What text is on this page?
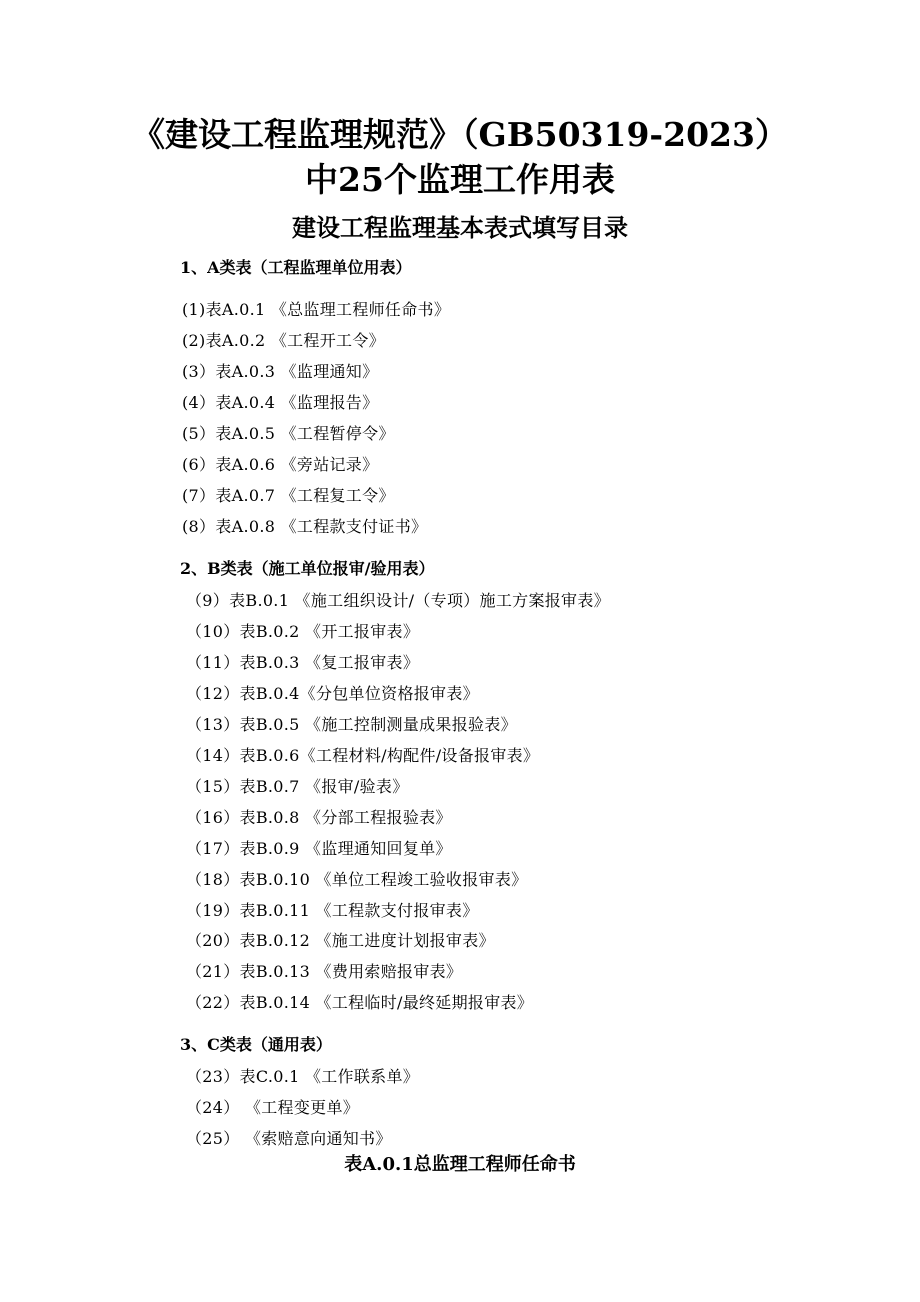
《建设工程监理规范》（GB50319-2023）
中25个监理工作用表
建设工程监理基本表式填写目录
1、A类表（工程监理单位用表）
(1)表A.0.1 《总监理工程师任命书》
(2)表A.0.2 《工程开工令》
(3）表A.0.3 《监理通知》
(4）表A.0.4 《监理报告》
(5）表A.0.5 《工程暂停令》
(6）表A.0.6 《旁站记录》
(7）表A.0.7 《工程复工令》
(8）表A.0.8 《工程款支付证书》
2、B类表（施工单位报审/验用表）
（9）表B.0.1 《施工组织设计/（专项）施工方案报审表》
（10）表B.0.2 《开工报审表》
（11）表B.0.3 《复工报审表》
（12）表B.0.4《分包单位资格报审表》
（13）表B.0.5 《施工控制测量成果报验表》
（14）表B.0.6《工程材料/构配件/设备报审表》
（15）表B.0.7 《报审/验表》
（16）表B.0.8 《分部工程报验表》
（17）表B.0.9 《监理通知回复单》
（18）表B.0.10 《单位工程竣工验收报审表》
（19）表B.0.11 《工程款支付报审表》
（20）表B.0.12 《施工进度计划报审表》
（21）表B.0.13 《费用索赔报审表》
（22）表B.0.14 《工程临时/最终延期报审表》
3、C类表（通用表）
（23）表C.0.1 《工作联系单》
（24） 《工程变更单》
（25） 《索赔意向通知书》
表A.0.1总监理工程师任命书
